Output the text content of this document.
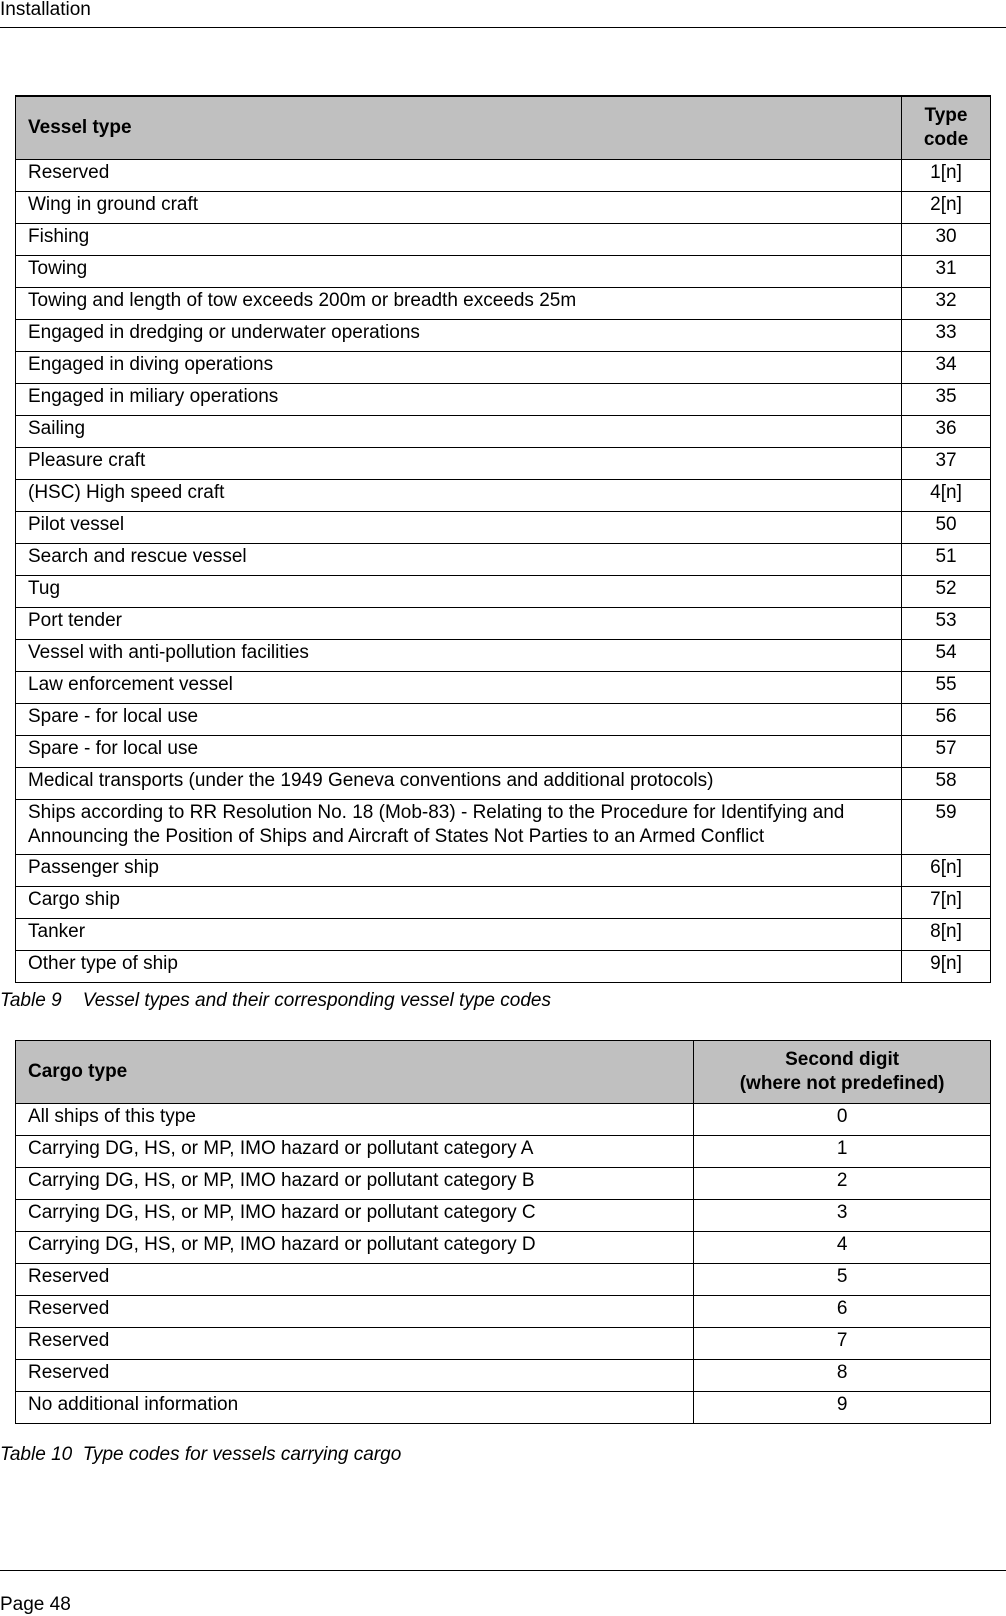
Installation
Vessel type	Type
code
Reserved	1[n]
Wing in ground craft	2[n]
Fishing	30
Towing	31
Towing and length of tow exceeds 200m or breadth exceeds 25m	32
Engaged in dredging or underwater operations	33
Engaged in diving operations	34
Engaged in miliary operations	35
Sailing	36
Pleasure craft	37
(HSC) High speed craft	4[n]
Pilot vessel	50
Search and rescue vessel	51
Tug	52
Port tender	53
Vessel with anti-pollution facilities	54
Law enforcement vessel	55
Spare - for local use	56
Spare - for local use	57
Medical transports (under the 1949 Geneva conventions and additional protocols)	58
Ships according to RR Resolution No. 18 (Mob-83) - Relating to the Procedure for Identifying and Announcing the Position of Ships and Aircraft of States Not Parties to an Armed Conflict	59
Passenger ship	6[n]
Cargo ship	7[n]
Tanker	8[n]
Other type of ship	9[n]
Table 9    Vessel types and their corresponding vessel type codes
Cargo type	Second digit
(where not predefined)
All ships of this type	0
Carrying DG, HS, or MP, IMO hazard or pollutant category A	1
Carrying DG, HS, or MP, IMO hazard or pollutant category B	2
Carrying DG, HS, or MP, IMO hazard or pollutant category C	3
Carrying DG, HS, or MP, IMO hazard or pollutant category D	4
Reserved	5
Reserved	6
Reserved	7
Reserved	8
No additional information	9
Table 10  Type codes for vessels carrying cargo
Page 48
